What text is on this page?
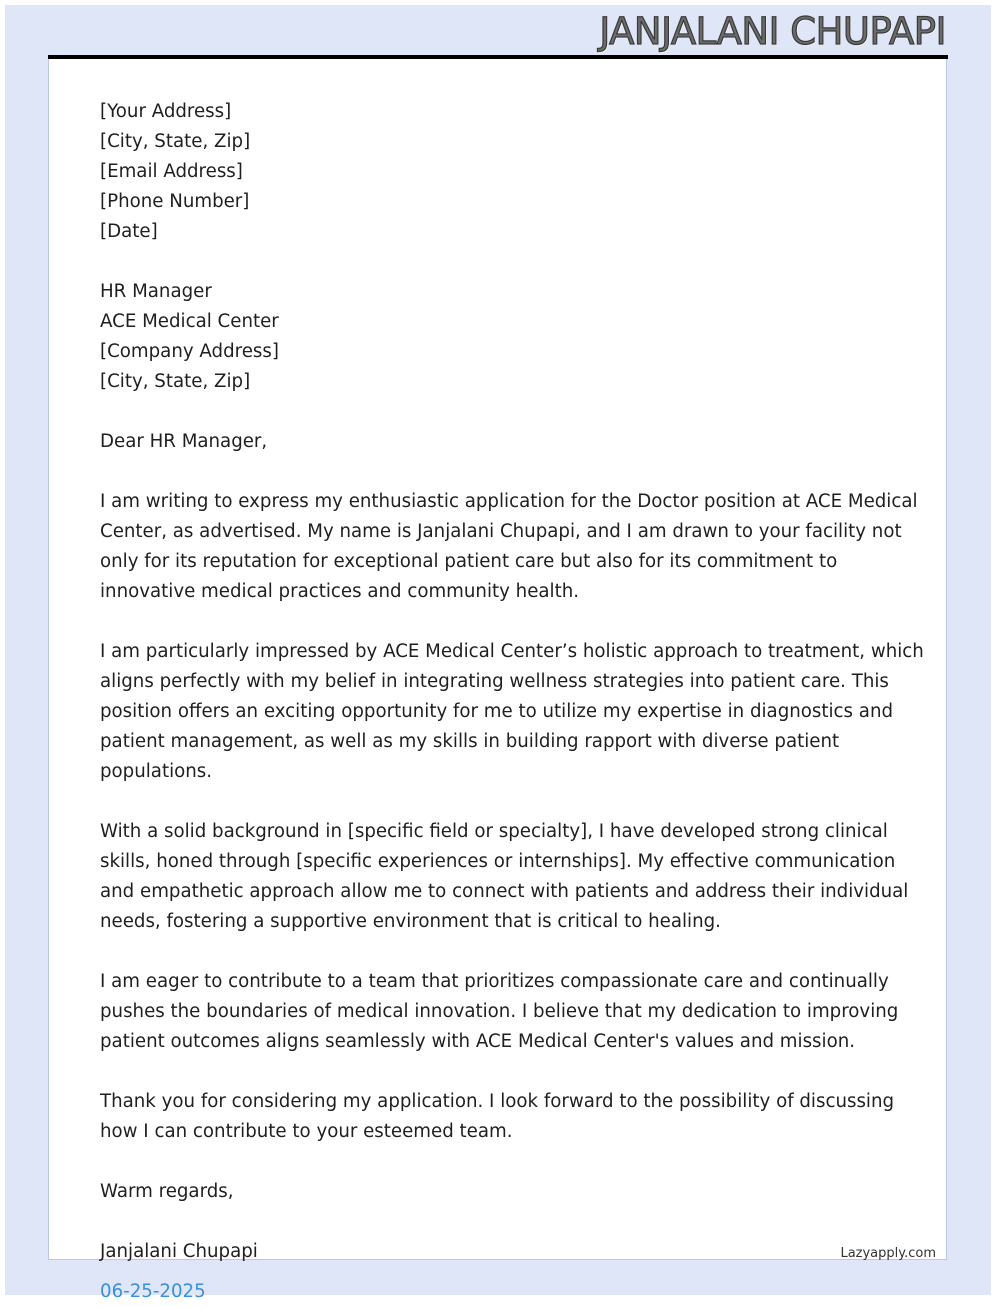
JANJALANI CHUPAPI
[Your Address]
[City, State, Zip]
[Email Address]
[Phone Number]
[Date]
HR Manager
ACE Medical Center
[Company Address]
[City, State, Zip]
Dear HR Manager,
I am writing to express my enthusiastic application for the Doctor position at ACE Medical
Center, as advertised. My name is Janjalani Chupapi, and I am drawn to your facility not
only for its reputation for exceptional patient care but also for its commitment to
innovative medical practices and community health.
I am particularly impressed by ACE Medical Center’s holistic approach to treatment, which
aligns perfectly with my belief in integrating wellness strategies into patient care. This
position offers an exciting opportunity for me to utilize my expertise in diagnostics and
patient management, as well as my skills in building rapport with diverse patient
populations.
With a solid background in [specific field or specialty], I have developed strong clinical
skills, honed through [specific experiences or internships]. My effective communication
and empathetic approach allow me to connect with patients and address their individual
needs, fostering a supportive environment that is critical to healing.
I am eager to contribute to a team that prioritizes compassionate care and continually
pushes the boundaries of medical innovation. I believe that my dedication to improving
patient outcomes aligns seamlessly with ACE Medical Center's values and mission.
Thank you for considering my application. I look forward to the possibility of discussing
how I can contribute to your esteemed team.
Warm regards,
Janjalani Chupapi
06-25-2025
Lazyapply.com
